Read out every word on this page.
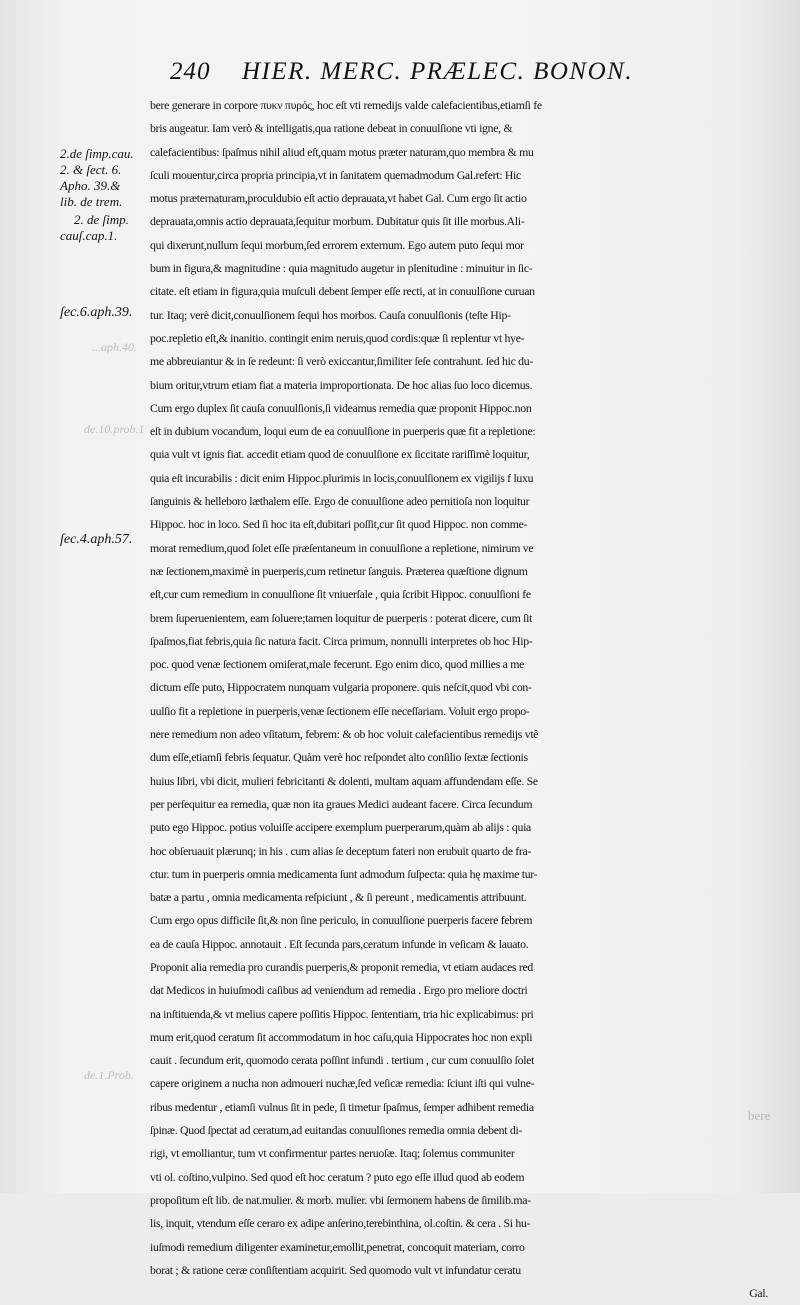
240 HIER. MERC. PRÆLEC. BONON.
2.de ſimp.cau.
2. & ſect. 6.
Apho. 39.&
lib. de trem.
2. de ſimp.
cauſ.cap.1.
ſec.6.aph.39.
ſec.4.aph.57.
...aph.40.
de.10.prob.1
de.1.Prob.
bere
bere generare in corpore πυκν πυρός, hoc eſt vti remedijs valde calefacientibus,etiamſi fe
bris augeatur. Iam verò & intelligatis,qua ratione debeat in conuulſione vti igne, &
calefacientibus: ſpaſmus nihil aliud eſt,quam motus præter naturam,quo membra & mu
ſculi mouentur,circa propria principia,vt in ſanitatem quemadmodum Gal.refert: Hic
motus præternaturam,proculdubio eſt actio deprauata,vt habet Gal. Cum ergo ſit actio
deprauata,omnis actio deprauata,ſequitur morbum. Dubitatur quis ſit ille morbus.Ali-
qui dixerunt,nullum ſequi morbum,ſed errorem externum. Ego autem puto ſequi mor
bum in figura,& magnitudine : quia magnitudo augetur in plenitudine : minuitur in ſic-
citate. eſt etiam in figura,quia muſculi debent ſemper eſſe recti, at in conuulſione curuan
tur. Itaq; verè dicit,conuulſionem ſequi hos morbos. Cauſa conuulſionis (teſte Hip-
poc.repletio eſt,& inanitio. contingit enim neruis,quod cordis:quæ ſi replentur vt hye-
me abbreuiantur & in ſe redeunt: ſi verò exiccantur,ſimiliter ſeſe contrahunt. ſed hic du-
bium oritur,vtrum etiam fiat a materia improportionata. De hoc alias ſuo loco dicemus.
Cum ergo duplex ſit cauſa conuulſionis,ſi videamus remedia quæ proponit Hippoc.non
eſt in dubium vocandum, loqui eum de ea conuulſione in puerperis quæ fit a repletione:
quia vult vt ignis fiat. accedit etiam quod de conuulſione ex ſiccitate rariſſimè loquitur,
quia eſt incurabilis : dicit enim Hippoc.plurimis in locis,conuulſionem ex vigilijs f luxu
ſanguinis & helleboro læthalem eſſe. Ergo de conuulſione adeo pernitioſa non loquitur
Hippoc. hoc in loco. Sed ſi hoc ita eſt,dubitari poſſit,cur ſit quod Hippoc. non comme-
morat remedium,quod ſolet eſſe præſentaneum in conuulſione a repletione, nimirum ve
næ ſectionem,maximè in puerperis,cum retinetur ſanguis. Præterea quæſtione dignum
eſt,cur cum remedium in conuulſione ſit vniuerſale , quia ſcribit Hippoc. conuulſioni fe
brem ſuperuenientem, eam ſoluere;tamen loquitur de puerperis : poterat dicere, cum ſit
ſpaſmos,fiat febris,quia ſic natura facit. Circa primum, nonnulli interpretes ob hoc Hip-
poc. quod venæ ſectionem omiſerat,male fecerunt. Ego enim dico, quod millies a me
dictum eſſe puto, Hippocratem nunquam vulgaria proponere. quis neſcit,quod vbi con-
uulſio fit a repletione in puerperis,venæ ſectionem eſſe neceſſariam. Voluit ergo propo-
nere remedium non adeo vſitatum, febrem: & ob hoc voluit calefacientibus remedijs vtê
dum eſſe,etiamſi febris ſequatur. Quàm verè hoc reſpondet alto conſilio ſextæ ſectionis
huius libri, vbi dicit, mulieri febricitanti & dolenti, multam aquam affundendam eſſe. Se
per perſequitur ea remedia, quæ non ita graues Medici audeant facere. Circa ſecundum
puto ego Hippoc. potius voluiſſe accipere exemplum puerperarum,quàm ab alijs : quia
hoc obſeruauit plærunq; in his . cum alias ſe deceptum fateri non erubuit quarto de fra-
ctur. tum in puerperis omnia medicamenta ſunt admodum ſuſpecta: quia hę maxime tur-
batæ a partu , omnia medicamenta reſpiciunt , & ſi pereunt , medicamentis attribuunt.
Cum ergo opus difficile ſit,& non ſine periculo, in conuulſione puerperis facere febrem
ea de cauſa Hippoc. annotauit . Eſt ſecunda pars,ceratum infunde in veſicam & lauato.
Proponit alia remedia pro curandis puerperis,& proponit remedia, vt etiam audaces red
dat Medicos in huiuſmodi caſibus ad veniendum ad remedia . Ergo pro meliore doctri
na inſtituenda,& vt melius capere poſſitis Hippoc. ſententiam, tria hic explicabimus: pri
mum erit,quod ceratum ſit accommodatum in hoc caſu,quia Hippocrates hoc non expli
cauit . ſecundum erit, quomodo cerata poſſint infundi . tertium , cur cum conuulſio ſolet
capere originem a nucha non admoueri nuchæ,ſed veſicæ remedia: ſciunt iſti qui vulne-
ribus medentur , etiamſi vulnus ſit in pede, ſi timetur ſpaſmus, ſemper adhibent remedia
ſpinæ. Quod ſpectat ad ceratum,ad euitandas conuulſiones remedia omnia debent di-
rigi, vt emolliantur, tum vt confirmentur partes neruoſæ. Itaq; ſolemus communiter
vti ol. coſtino,vulpino. Sed quod eſt hoc ceratum ? puto ego eſſe illud quod ab eodem
propoſitum eſt lib. de nat.mulier. & morb. mulier. vbi ſermonem habens de ſimilib.ma-
lis, inquit, vtendum eſſe ceraro ex adipe anſerino,terebinthina, ol.coſtin. & cera . Si hu-
iuſmodi remedium diligenter examinetur,emollit,penetrat, concoquit materiam, corro
borat ; & ratione ceræ conſiſtentiam acquirit. Sed quomodo vult vt infundatur ceratu
Gal.
